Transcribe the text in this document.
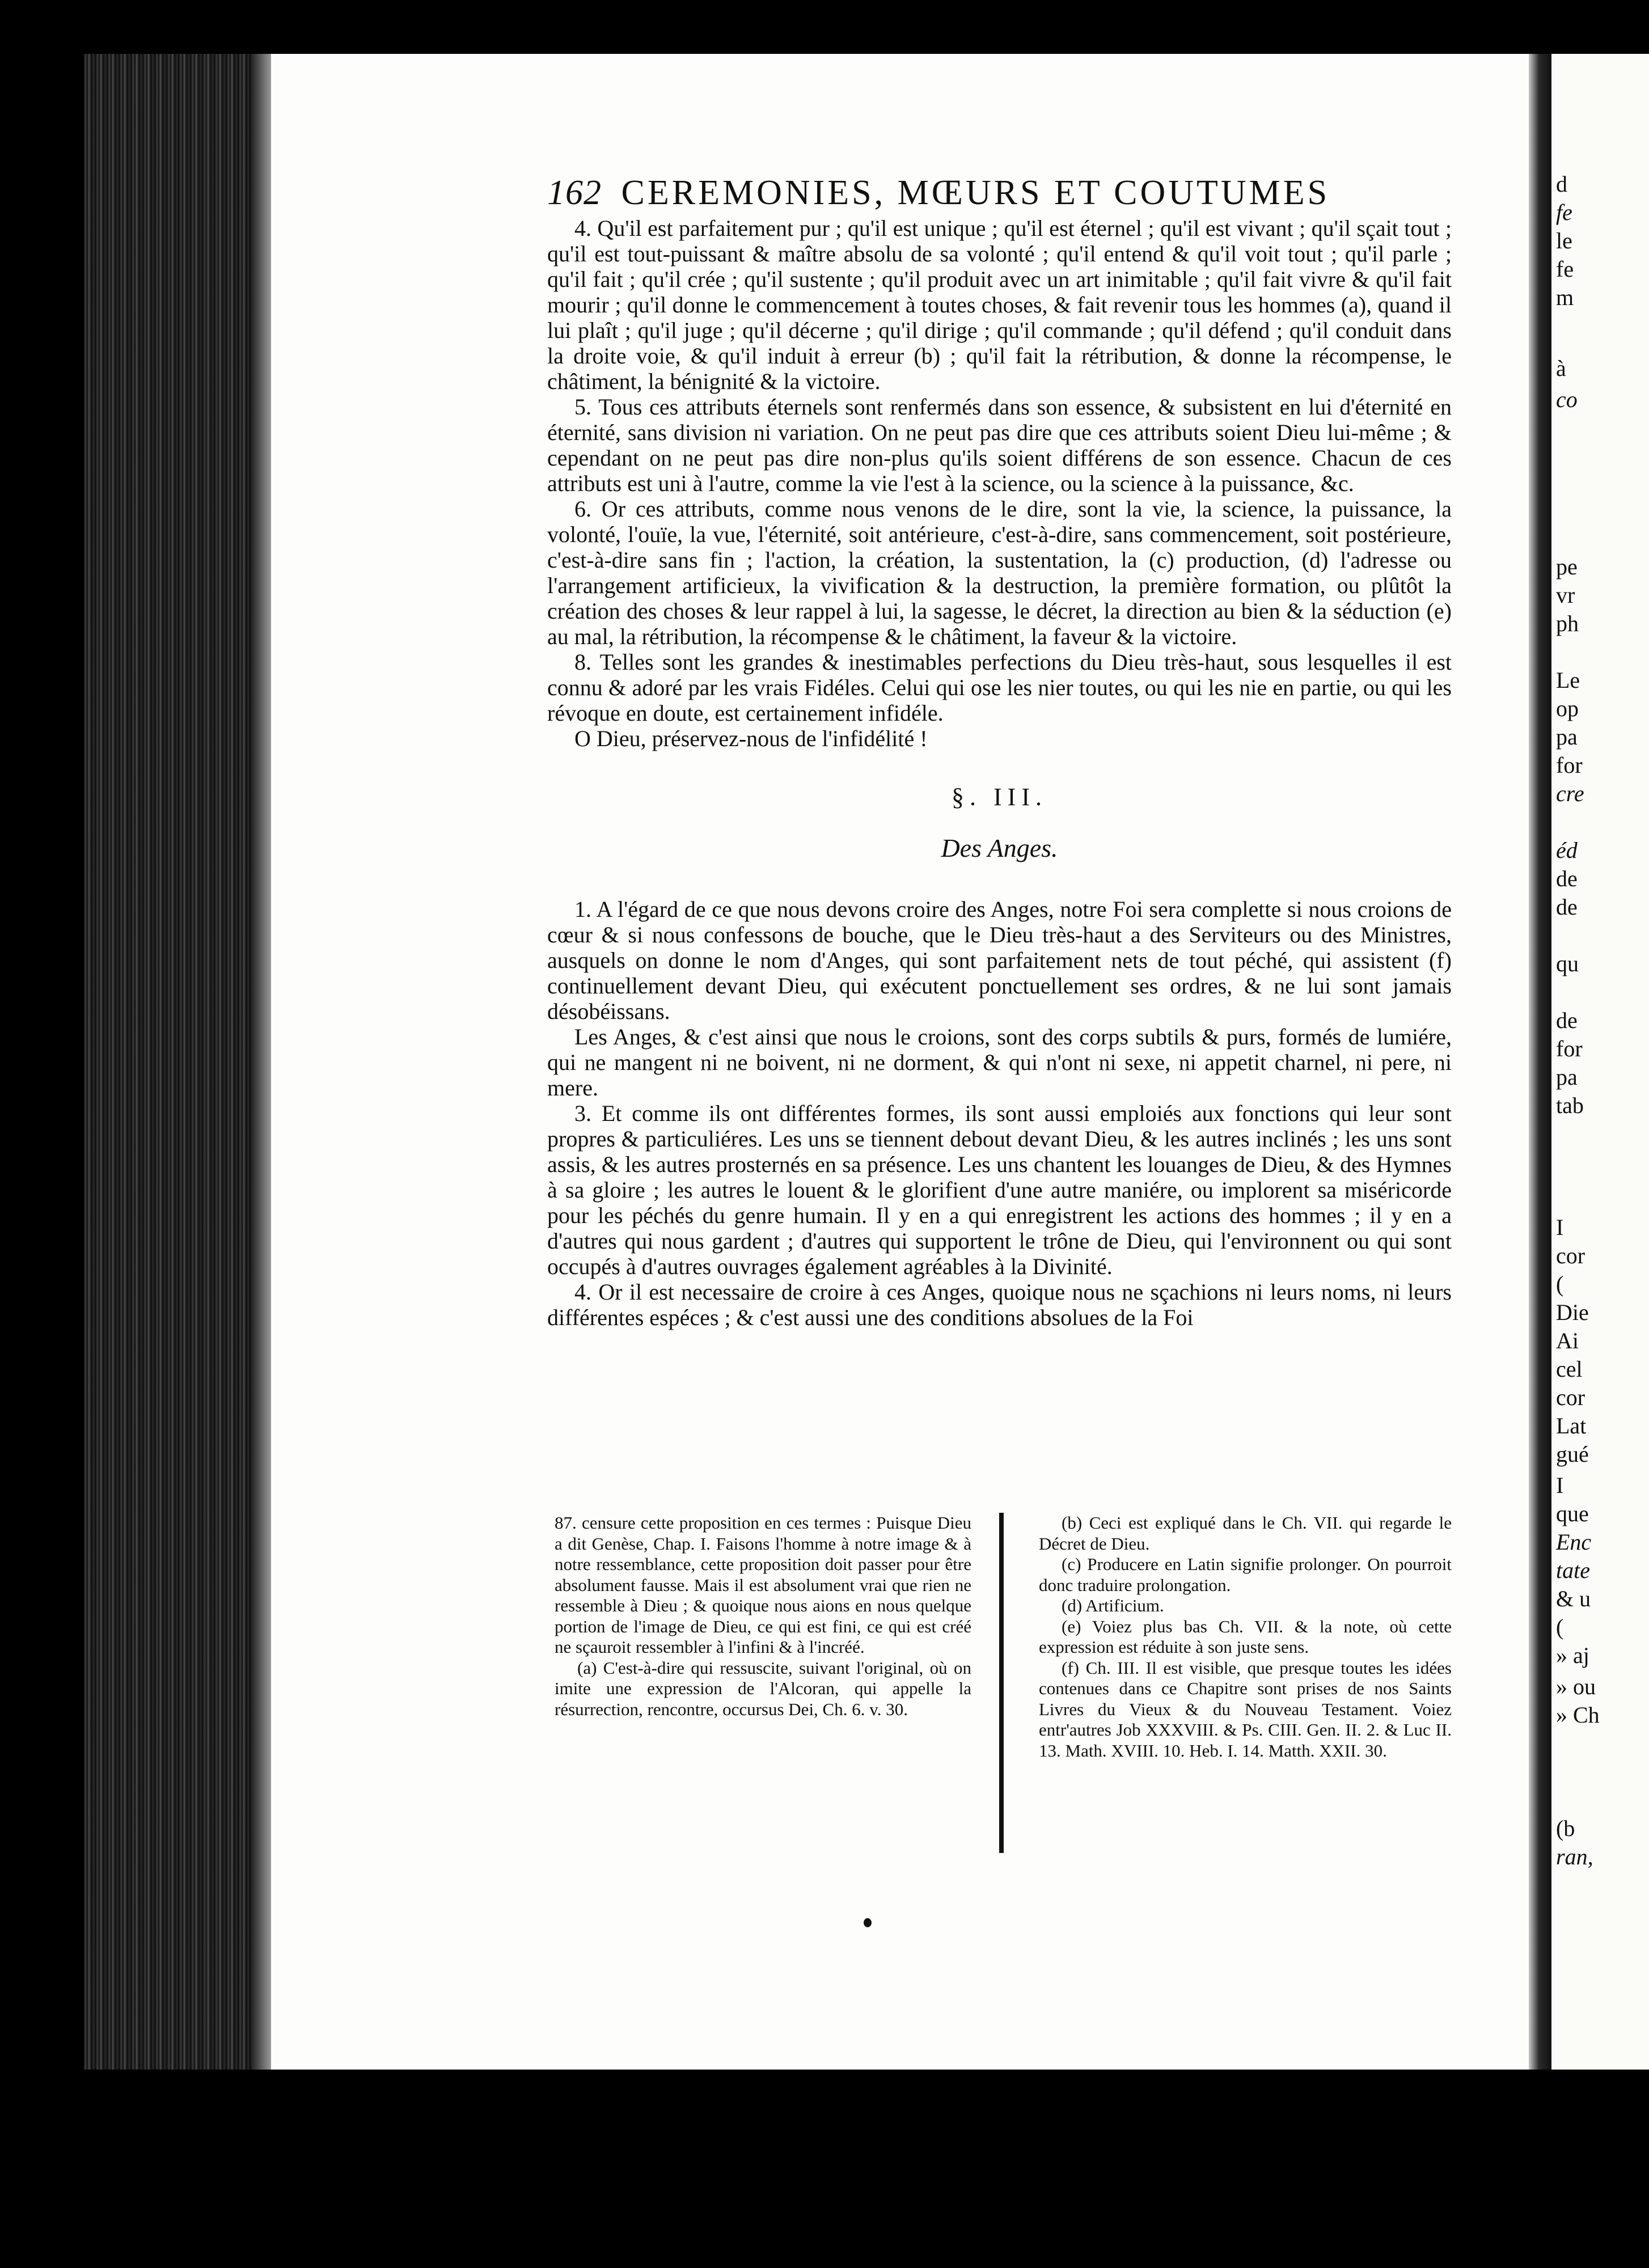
d
fe
le
fe
m
à
co
pe
vr
ph
Le
op
pa
for
cre
éd
de
de
qu
de
for
pa
tab
I
cor
(
Die
Ai
cel
cor
Lat
gué
I
que
Enc
tate
& u
(
» aj
» ou
» Ch
(b
ran,
162 CEREMONIES, MŒURS ET COUTUMES

4. Qu'il est parfaitement pur ; qu'il est unique ; qu'il est éternel ; qu'il est vivant ; qu'il sçait tout ; qu'il est tout-puissant & maître absolu de sa volonté ; qu'il entend & qu'il voit tout ; qu'il parle ; qu'il fait ; qu'il crée ; qu'il sustente ; qu'il produit avec un art inimitable ; qu'il fait vivre & qu'il fait mourir ; qu'il donne le commencement à toutes choses, & fait revenir tous les hommes (a), quand il lui plaît ; qu'il juge ; qu'il décerne ; qu'il dirige ; qu'il commande ; qu'il défend ; qu'il conduit dans la droite voie, & qu'il induit à erreur (b) ; qu'il fait la rétribution, & donne la récompense, le châtiment, la bénignité & la victoire.

5. Tous ces attributs éternels sont renfermés dans son essence, & subsistent en lui d'éternité en éternité, sans division ni variation. On ne peut pas dire que ces attributs soient Dieu lui-même ; & cependant on ne peut pas dire non-plus qu'ils soient différens de son essence. Chacun de ces attributs est uni à l'autre, comme la vie l'est à la science, ou la science à la puissance, &c.

6. Or ces attributs, comme nous venons de le dire, sont la vie, la science, la puissance, la volonté, l'ouïe, la vue, l'éternité, soit antérieure, c'est-à-dire, sans commencement, soit postérieure, c'est-à-dire sans fin ; l'action, la création, la sustentation, la (c) production, (d) l'adresse ou l'arrangement artificieux, la vivification & la destruction, la première formation, ou plûtôt la création des choses & leur rappel à lui, la sagesse, le décret, la direction au bien & la séduction (e) au mal, la rétribution, la récompense & le châtiment, la faveur & la victoire.

8. Telles sont les grandes & inestimables perfections du Dieu très-haut, sous lesquelles il est connu & adoré par les vrais Fidéles. Celui qui ose les nier toutes, ou qui les nie en partie, ou qui les révoque en doute, est certainement infidéle.

O Dieu, préservez-nous de l'infidélité !

§. III.
Des Anges.

1. A l'égard de ce que nous devons croire des Anges, notre Foi sera complette si nous croions de cœur & si nous confessons de bouche, que le Dieu très-haut a des Serviteurs ou des Ministres, ausquels on donne le nom d'Anges, qui sont parfaitement nets de tout péché, qui assistent (f) continuellement devant Dieu, qui exécutent ponctuellement ses ordres, & ne lui sont jamais désobéissans.

Les Anges, & c'est ainsi que nous le croions, sont des corps subtils & purs, formés de lumiére, qui ne mangent ni ne boivent, ni ne dorment, & qui n'ont ni sexe, ni appetit charnel, ni pere, ni mere.

3. Et comme ils ont différentes formes, ils sont aussi emploiés aux fonctions qui leur sont propres & particuliéres. Les uns se tiennent debout devant Dieu, & les autres inclinés ; les uns sont assis, & les autres prosternés en sa présence. Les uns chantent les louanges de Dieu, & des Hymnes à sa gloire ; les autres le louent & le glorifient d'une autre maniére, ou implorent sa miséricorde pour les péchés du genre humain. Il y en a qui enregistrent les actions des hommes ; il y en a d'autres qui nous gardent ; d'autres qui supportent le trône de Dieu, qui l'environnent ou qui sont occupés à d'autres ouvrages également agréables à la Divinité.

4. Or il est necessaire de croire à ces Anges, quoique nous ne sçachions ni leurs noms, ni leurs différentes espéces ; & c'est aussi une des conditions absolues de la Foi

87. censure cette proposition en ces termes : Puisque Dieu a dit Genèse, Chap. I. Faisons l'homme à notre image & à notre ressemblance, cette proposition doit passer pour être absolument fausse. Mais il est absolument vrai que rien ne ressemble à Dieu ; & quoique nous aions en nous quelque portion de l'image de Dieu, ce qui est fini, ce qui est créé ne sçauroit ressembler à l'infini & à l'incréé.

(a) C'est-à-dire qui ressuscite, suivant l'original, où on imite une expression de l'Alcoran, qui appelle la résurrection, rencontre, occursus Dei, Ch. 6. v. 30.

(b) Ceci est expliqué dans le Ch. VII. qui regarde le Décret de Dieu.

(c) Producere en Latin signifie prolonger. On pourroit donc traduire prolongation.

(d) Artificium.

(e) Voiez plus bas Ch. VII. & la note, où cette expression est réduite à son juste sens.

(f) Ch. III. Il est visible, que presque toutes les idées contenues dans ce Chapitre sont prises de nos Saints Livres du Vieux & du Nouveau Testament. Voiez entr'autres Job XXXVIII. & Ps. CIII. Gen. II. 2. & Luc II. 13. Math. XVIII. 10. Heb. I. 14. Matth. XXII. 30.
